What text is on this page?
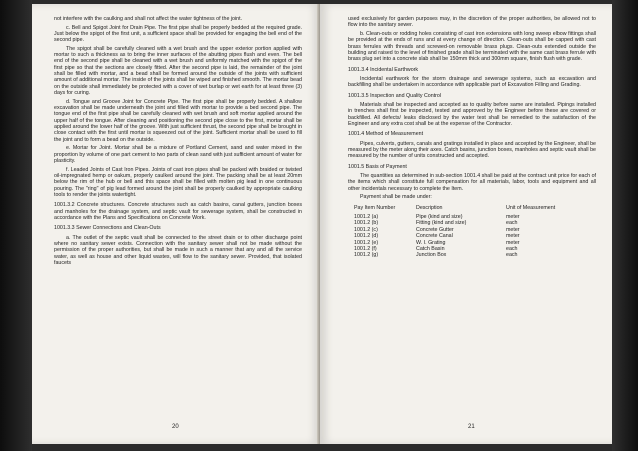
not interfere with the caulking and shall not affect the water tightness of the joint.

c. Bell and Spigot Joint for Drain Pipe. The first pipe shall be properly bedded at the required grade. Just below the spigot of the first unit, a sufficient space shall be provided for engaging the bell end of the second pipe.

The spigot shall be carefully cleaned with a wet brush and the upper exterior portion applied with mortar to such a thickness as to bring the inner surfaces of the abutting pipes flush and even. The bell end of the second pipe shall be cleaned with a wet brush and uniformly matched with the spigot of the first pipe so that the sections are closely fitted. After the second pipe is laid, the remainder of the joint shall be filled with mortar, and a bead shall be formed around the outside of the joints with sufficient amount of additional mortar. The inside of the joints shall be wiped and finished smooth. The mortar bead on the outside shall immediately be protected with a cover of wet burlap or wet earth for at least three (3) days for curing.

d. Tongue and Groove Joint for Concrete Pipe. The first pipe shall be properly bedded. A shallow excavation shall be made underneath the joint and filled with mortar to provide a bed second pipe. The tongue end of the first pipe shall be carefully cleaned with wet brush and soft mortar applied around the upper half of the tongue. After cleaning and positioning the second pipe close to the first, mortar shall be applied around the lower half of the groove. With just sufficient thrust, the second pipe shall be brought in close contact with the first until mortar is squeezed out of the joint. Sufficient mortar shall be used to fill the joint and to form a bead on the outside.

e. Mortar for Joint. Mortar shall be a mixture of Portland Cement, sand and water mixed in the proportion by volume of one part cement to two parts of clean sand with just sufficient amount of water for plasticity.

f. Leaded Joints of Cast Iron Pipes. Joints of cast iron pipes shall be packed with braided or twisted oil-impregnated hemp or oakum, properly caulked around the joint. The packing shall be at least 20mm below the rim of the hub or bell and this space shall be filled with molten pig lead in one continuous pouring. The "ring" of pig lead formed around the joint shall be properly caulked by appropriate caulking tools to render the joints watertight.

1001.3.2 Concrete structures. Concrete structures such as catch basins, canal gutters, junction boxes and manholes for the drainage system, and septic vault for sewerage system, shall be constructed in accordance with the Plans and Specifications on Concrete Work.

1001.3.3 Sewer Connections and Clean-Outs

a. The outlet of the septic vault shall be connected to the street drain or to other discharge point where no sanitary sewer exists. Connection with the sanitary sewer shall not be made without the permission of the proper authorities, but shall be made in such a manner that any and all the service water, as well as house and other liquid wastes, will flow to the sanitary sewer. Provided, that isolated faucets

20

used exclusively for garden purposes may, in the discretion of the proper authorities, be allowed not to flow into the sanitary sewer.

b. Clean-outs or rodding holes consisting of cast iron extensions with long sweep elbow fittings shall be provided at the ends of runs and at every change of direction. Clean-outs shall be capped with cast brass ferrules with threads and screwed-on removable brass plugs. Clean-outs extended outside the building and raised to the level of finished grade shall be terminated with the same cast brass ferrule with brass plug set into a concrete slab shall be 150mm thick and 300mm square, finish flush with grade.

1001.3.4 Incidental Earthwork

Incidental earthwork for the storm drainage and sewerage systems, such as excavation and backfilling shall be undertaken in accordance with applicable part of Excavation Filling and Grading.

1001.3.5 Inspection and Quality Control

Materials shall be inspected and accepted as to quality before same are installed. Pipings installed in trenches shall first be inspected, tested and approved by the Engineer before these are covered or backfilled. All defects/ leaks disclosed by the water test shall be remedied to the satisfaction of the Engineer and any extra cost shall be at the expense of the Contractor.

1001.4 Method of Measurement

Pipes, culverts, gutters, canals and gratings installed in place and accepted by the Engineer, shall be measured by the meter along their axes. Catch basins, junction boxes, manholes and septic vault shall be measured by the number of units constructed and accepted.

1001.5 Basis of Payment

The quantities as determined in sub-section 1001.4 shall be paid at the contract unit price for each of the items which shall constitute full compensation for all materials, labor, tools and equipment and all other incidentals necessary to complete the Item.

Payment shall be made under:

Pay Item Number	Description	Unit of Measurement
1001.2 (a)	Pipe (kind and size)	meter
1001.2 (b)	Fitting (kind and size)	each
1001.2 (c)	Concrete Gutter	meter
1001.2 (d)	Concrete Canal	meter
1001.2 (e)	W. I. Grating	meter
1001.2 (f)	Catch Basin	each
1001.2 (g)	Junction Box	each
21
